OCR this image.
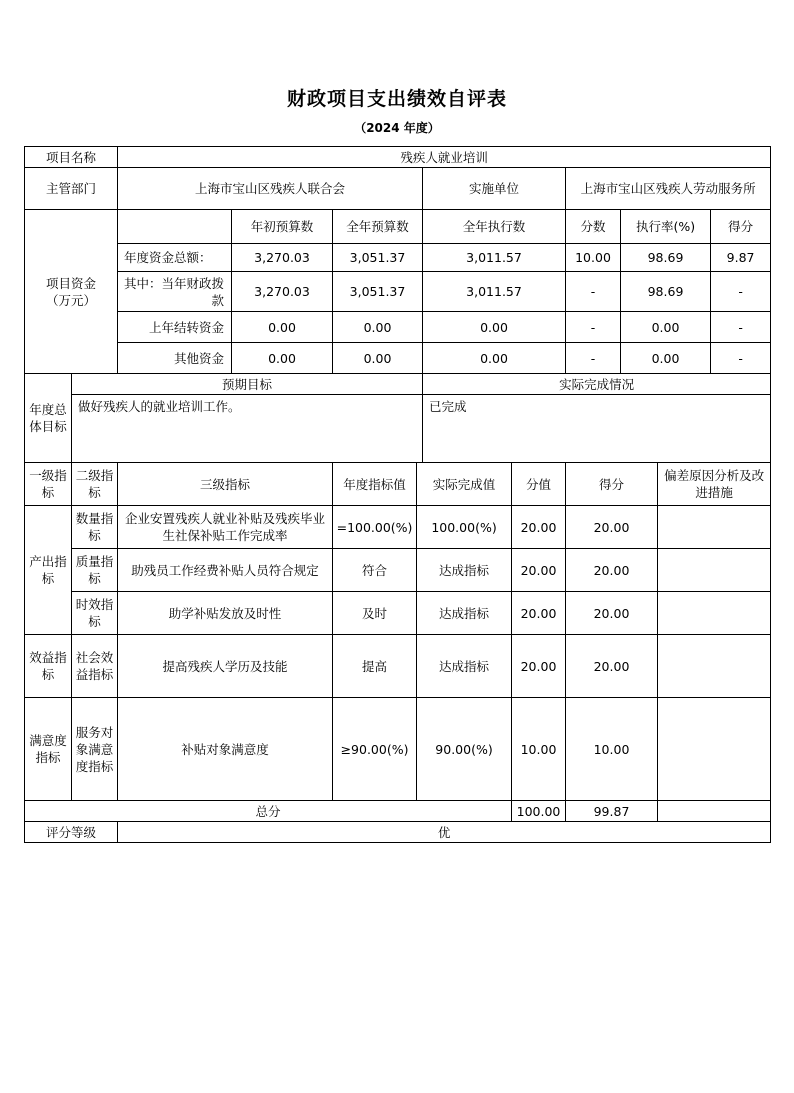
财政项目支出绩效自评表
（2024 年度）
项目名称		残疾人就业培训									
主管部门		上海市宝山区残疾人联合会				实施单位		上海市宝山区残疾人劳动服务所			

项目资金
（万元）			年初预算数	全年预算数		全年执行数		分数	执行率(%)		得分
		年度资金总额：	3,270.03	3,051.37		3,011.57		10.00	98.69		9.87
		其中：当年财政拨款	3,270.03	3,051.37		3,011.57		-	98.69		-
		上年结转资金	0.00	0.00		0.00		-	0.00		-
		其他资金	0.00	0.00		0.00		-	0.00		-
年度总体目标	预期目标					实际完成情况					
	做好残疾人的就业培训工作。					已完成					
一级指标	二级指标	三级指标		年度指标值	实际完成值		分值	得分		偏差原因分析及改进措施	
产出指标	数量指标	企业安置残疾人就业补贴及残疾毕业生社保补贴工作完成率		=100.00(%)	100.00(%)		20.00	20.00			
	质量指标	助残员工作经费补贴人员符合规定		符合	达成指标		20.00	20.00			
	时效指标	助学补贴发放及时性		及时	达成指标		20.00	20.00			
效益指标	社会效益指标	提高残疾人学历及技能		提高	达成指标		20.00	20.00			
满意度指标	服务对象满意度指标	补贴对象满意度		≥90.00(%)	90.00(%)		10.00	10.00			
总分							100.00	99.87			
评分等级		优									
